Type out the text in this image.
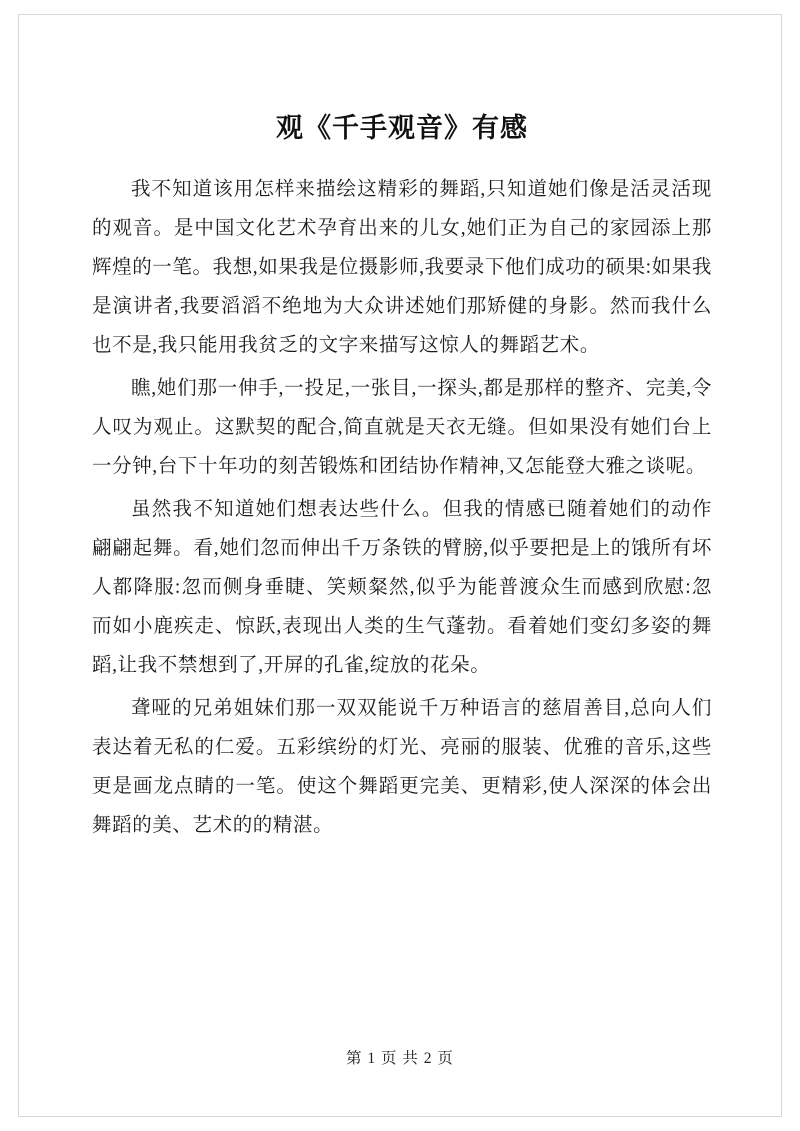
观《千手观音》有感

我不知道该用怎样来描绘这精彩的舞蹈,只知道她们像是活灵活现的观音。是中国文化艺术孕育出来的儿女,她们正为自己的家园添上那辉煌的一笔。我想,如果我是位摄影师,我要录下他们成功的硕果:如果我是演讲者,我要滔滔不绝地为大众讲述她们那矫健的身影。然而我什么也不是,我只能用我贫乏的文字来描写这惊人的舞蹈艺术。

瞧,她们那一伸手,一投足,一张目,一探头,都是那样的整齐、完美,令人叹为观止。这默契的配合,简直就是天衣无缝。但如果没有她们台上一分钟,台下十年功的刻苦锻炼和团结协作精神,又怎能登大雅之谈呢。

虽然我不知道她们想表达些什么。但我的情感已随着她们的动作翩翩起舞。看,她们忽而伸出千万条铁的臂膀,似乎要把是上的饿所有坏人都降服:忽而侧身垂睫、笑颊粲然,似乎为能普渡众生而感到欣慰:忽而如小鹿疾走、惊跃,表现出人类的生气蓬勃。看着她们变幻多姿的舞蹈,让我不禁想到了,开屏的孔雀,绽放的花朵。

聋哑的兄弟姐妹们那一双双能说千万种语言的慈眉善目,总向人们表达着无私的仁爱。五彩缤纷的灯光、亮丽的服装、优雅的音乐,这些更是画龙点睛的一笔。使这个舞蹈更完美、更精彩,使人深深的体会出舞蹈的美、艺术的的精湛。

第 1 页 共 2 页
